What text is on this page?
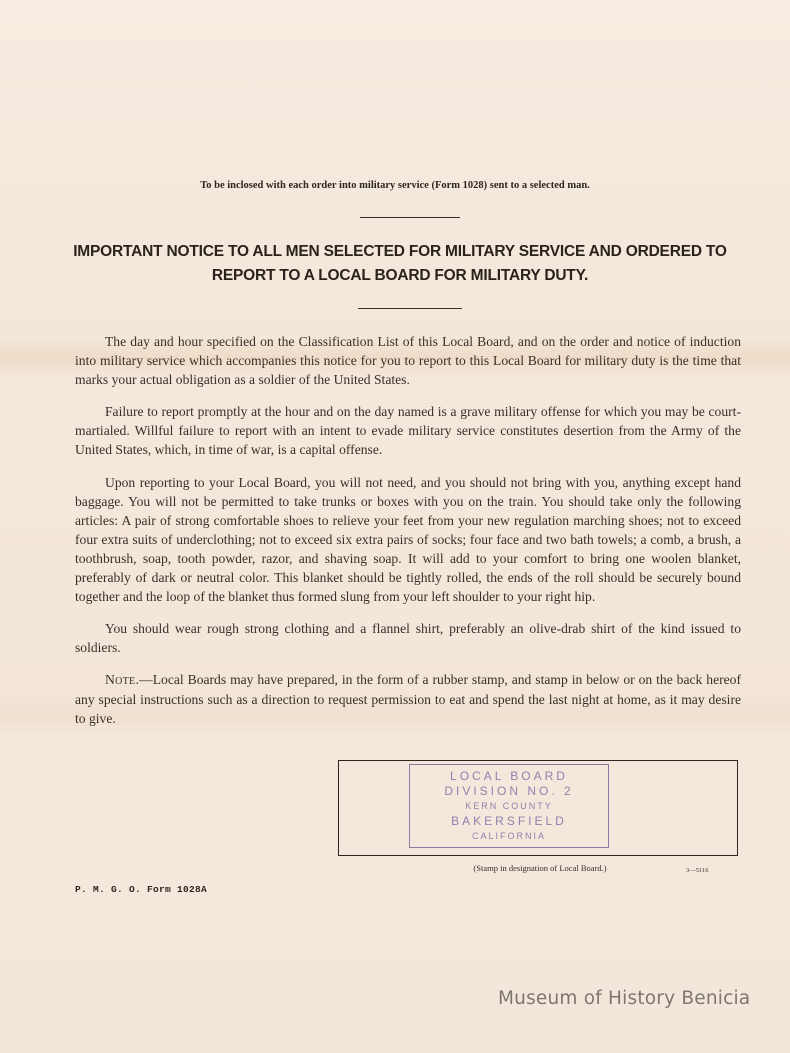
To be inclosed with each order into military service (Form 1028) sent to a selected man.
IMPORTANT NOTICE TO ALL MEN SELECTED FOR MILITARY SERVICE AND ORDERED TO
REPORT TO A LOCAL BOARD FOR MILITARY DUTY.

The day and hour specified on the Classification List of this Local Board, and on the order and notice of induction into military service which accompanies this notice for you to report to this Local Board for military duty is the time that marks your actual obligation as a soldier of the United States.

Failure to report promptly at the hour and on the day named is a grave military offense for which you may be court-martialed. Willful failure to report with an intent to evade military service constitutes desertion from the Army of the United States, which, in time of war, is a capital offense.

Upon reporting to your Local Board, you will not need, and you should not bring with you, anything except hand baggage. You will not be permitted to take trunks or boxes with you on the train. You should take only the following articles: A pair of strong comfortable shoes to relieve your feet from your new regulation marching shoes; not to exceed four extra suits of underclothing; not to exceed six extra pairs of socks; four face and two bath towels; a comb, a brush, a toothbrush, soap, tooth powder, razor, and shaving soap. It will add to your comfort to bring one woolen blanket, preferably of dark or neutral color. This blanket should be tightly rolled, the ends of the roll should be securely bound together and the loop of the blanket thus formed slung from your left shoulder to your right hip.

You should wear rough strong clothing and a flannel shirt, preferably an olive-drab shirt of the kind issued to soldiers.

Note.—Local Boards may have prepared, in the form of a rubber stamp, and stamp in below or on the back hereof any special instructions such as a direction to request permission to eat and spend the last night at home, as it may desire to give.

LOCAL BOARD
DIVISION NO. 2
KERN COUNTY
BAKERSFIELD
CALIFORNIA
(Stamp in designation of Local Board.)	3—5116
P. M. G. O. Form 1028A
Museum of History Benicia
